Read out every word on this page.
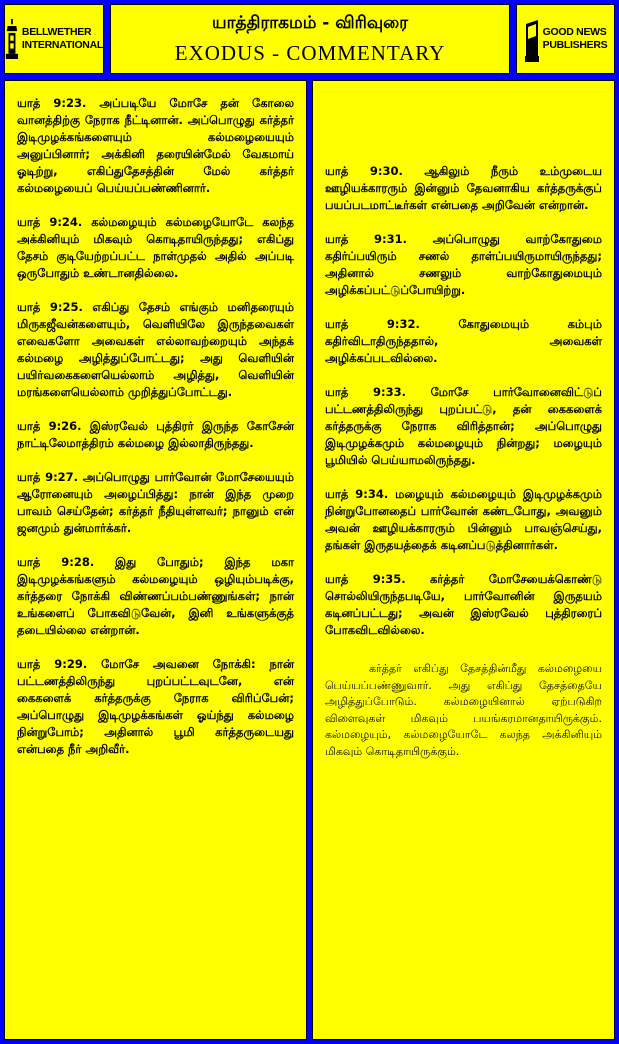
BELLWETHER
INTERNATIONAL
யாத்திராகமம் - விரிவுரை
EXODUS - COMMENTARY
GOOD NEWS
PUBLISHERS

யாத் 9:23. அப்படியே மோசே தன் கோலை வானத்திற்கு நேராக நீட்டினான். அப்பொழுது கர்த்தர் இடிமுழக்கங்களையும் கல்மழையையும் அனுப்பினார்; அக்கினி தரையின்மேல் வேகமாய் ஓடிற்று, எகிப்துதேசத்தின் மேல் கர்த்தர் கல்மழையைப் பெய்யப்பண்ணினார்.

யாத் 9:24. கல்மழையும் கல்மழையோடே கலந்த அக்கினியும் மிகவும் கொடிதாயிருந்தது; எகிப்து தேசம் குடியேற்றப்பட்ட நாள்முதல் அதில் அப்படி ஒருபோதும் உண்டானதில்லை.

யாத் 9:25. எகிப்து தேசம் எங்கும் மனிதரையும் மிருகஜீவன்களையும், வெளியிலே இருந்தவைகள் எவைகளோ அவைகள் எல்லாவற்றையும் அந்தக் கல்மழை அழித்துப்போட்டது; அது வெளியின் பயிர்வகைகளையெல்லாம் அழித்து, வெளியின் மரங்களையெல்லாம் முறித்துப்போட்டது.

யாத் 9:26. இஸ்ரவேல் புத்திரர் இருந்த கோசேன் நாட்டிலேமாத்திரம் கல்மழை இல்லாதிருந்தது.

யாத் 9:27. அப்பொழுது பார்வோன் மோசேயையும் ஆரோனையும் அழைப்பித்து: நான் இந்த முறை பாவம் செய்தேன்; கர்த்தர் நீதியுள்ளவர்; நானும் என் ஜனமும் துன்மார்க்கர்.

யாத் 9:28. இது போதும்; இந்த மகா இடிமுழக்கங்களும் கல்மழையும் ஒழியும்படிக்கு, கர்த்தரை நோக்கி விண்ணப்பம்பண்ணுங்கள்; நான் உங்களைப் போகவிடுவேன், இனி உங்களுக்குத் தடையில்லை என்றான்.

யாத் 9:29. மோசே அவனை நோக்கி: நான் பட்டணத்திலிருந்து புறப்பட்டவுடனே, என் கைகளைக் கர்த்தருக்கு நேராக விரிப்பேன்; அப்பொழுது இடிமுழக்கங்கள் ஓய்ந்து கல்மழை நின்றுபோம்; அதினால் பூமி கர்த்தருடையது என்பதை நீர் அறிவீர்.

யாத் 9:30. ஆகிலும் நீரும் உம்முடைய ஊழியக்காரரும் இன்னும் தேவனாகிய கர்த்தருக்குப் பயப்படமாட்டீர்கள் என்பதை அறிவேன் என்றான்.

யாத் 9:31. அப்பொழுது வாற்கோதுமை கதிர்ப்பயிரும் சணல் தாள்ப்பயிருமாயிருந்தது; அதினால் சணலும் வாற்கோதுமையும் அழிக்கப்பட்டுப்போயிற்று.

யாத் 9:32. கோதுமையும் கம்பும் கதிர்விடாதிருந்ததால், அவைகள் அழிக்கப்படவில்லை.

யாத் 9:33. மோசே பார்வோனைவிட்டுப் பட்டணத்திலிருந்து புறப்பட்டு, தன் கைகளைக் கர்த்தருக்கு நேராக விரித்தான்; அப்பொழுது இடிமுழக்கமும் கல்மழையும் நின்றது; மழையும் பூமியில் பெய்யாமலிருந்தது.

யாத் 9:34. மழையும் கல்மழையும் இடிமுழக்கமும் நின்றுபோனதைப் பார்வோன் கண்டபோது, அவனும் அவன் ஊழியக்காரரும் பின்னும் பாவஞ்செய்து, தங்கள் இருதயத்தைக் கடினப்படுத்தினார்கள்.

யாத் 9:35. கர்த்தர் மோசேயைக்கொண்டு சொல்லியிருந்தபடியே, பார்வோனின் இருதயம் கடினப்பட்டது; அவன் இஸ்ரவேல் புத்திரரைப் போகவிடவில்லை.

கர்த்தர் எகிப்து தேசத்தின்மீது கல்மழையை பெய்யப்பண்ணுவார். அது எகிப்து தேசத்தையே அழித்துப்போடும். கல்மழையினால் ஏற்படுகிற விளைவுகள் மிகவும் பயங்கரமானதாயிருக்கும். கல்மழையும், கல்மழையோடே கலந்த அக்கினியும் மிகவும் கொடிதாயிருக்கும்.
